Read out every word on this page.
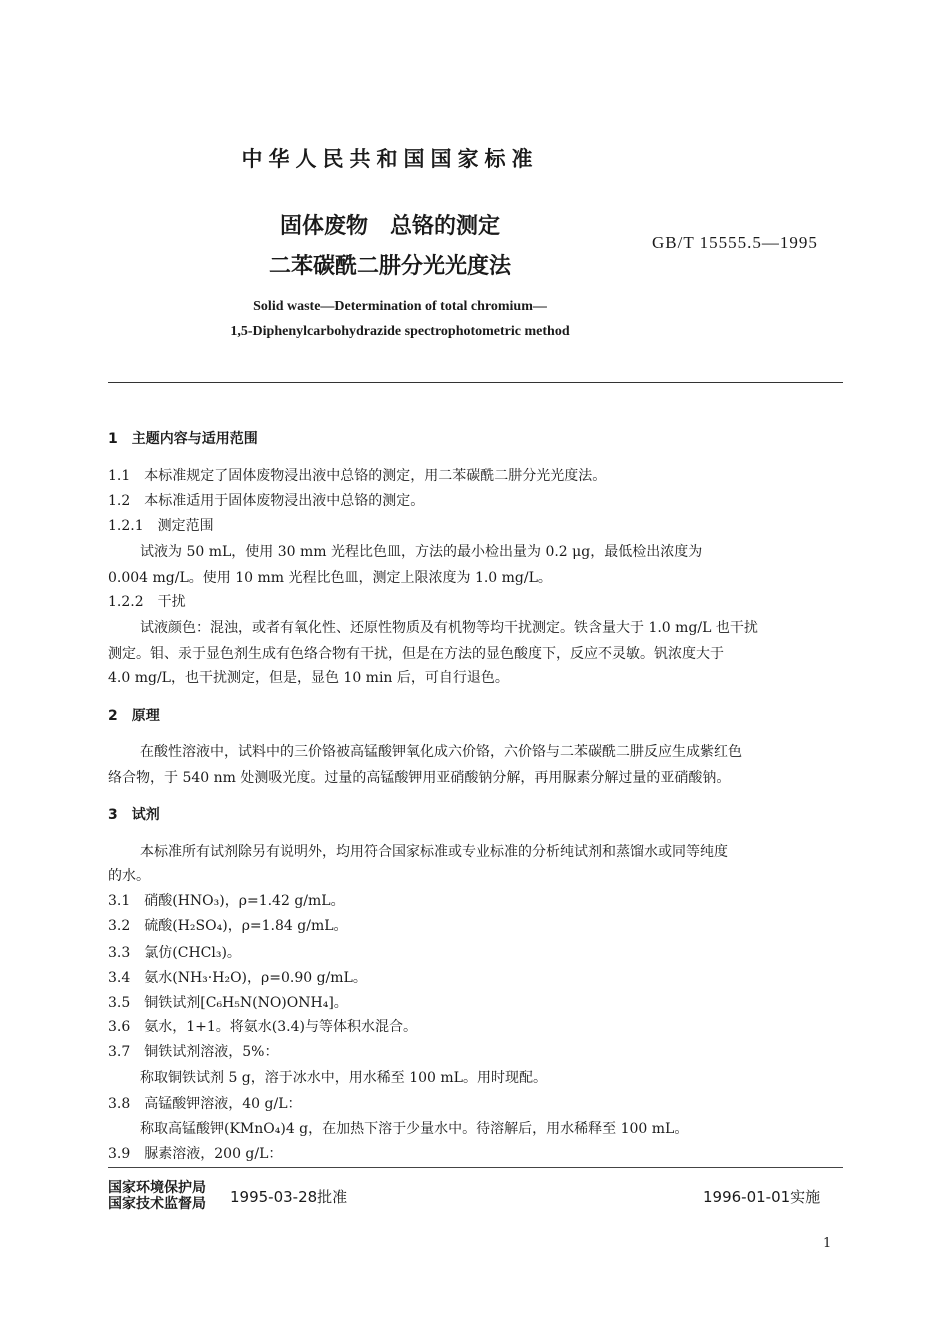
中华人民共和国国家标准
固体废物　总铬的测定
二苯碳酰二肼分光光度法
GB/T 15555.5—1995
Solid waste—Determination of total chromium—
1,5-Diphenylcarbohydrazide spectrophotometric method
1　主题内容与适用范围
1.1　本标准规定了固体废物浸出液中总铬的测定，用二苯碳酰二肼分光光度法。
1.2　本标准适用于固体废物浸出液中总铬的测定。
1.2.1　测定范围
试液为 50 mL，使用 30 mm 光程比色皿，方法的最小检出量为 0.2 μg，最低检出浓度为
0.004 mg/L。使用 10 mm 光程比色皿，测定上限浓度为 1.0 mg/L。
1.2.2　干扰
试液颜色：混浊，或者有氧化性、还原性物质及有机物等均干扰测定。铁含量大于 1.0 mg/L 也干扰
测定。钼、汞于显色剂生成有色络合物有干扰，但是在方法的显色酸度下，反应不灵敏。钒浓度大于
4.0 mg/L，也干扰测定，但是，显色 10 min 后，可自行退色。
2　原理
在酸性溶液中，试料中的三价铬被高锰酸钾氧化成六价铬，六价铬与二苯碳酰二肼反应生成紫红色
络合物，于 540 nm 处测吸光度。过量的高锰酸钾用亚硝酸钠分解，再用脲素分解过量的亚硝酸钠。
3　试剂
本标准所有试剂除另有说明外，均用符合国家标准或专业标准的分析纯试剂和蒸馏水或同等纯度
的水。
3.1　硝酸(HNO₃)，ρ=1.42 g/mL。
3.2　硫酸(H₂SO₄)，ρ=1.84 g/mL。
3.3　氯仿(CHCl₃)。
3.4　氨水(NH₃·H₂O)，ρ=0.90 g/mL。
3.5　铜铁试剂[C₆H₅N(NO)ONH₄]。
3.6　氨水，1+1。将氨水(3.4)与等体积水混合。
3.7　铜铁试剂溶液，5%：
称取铜铁试剂 5 g，溶于冰水中，用水稀至 100 mL。用时现配。
3.8　高锰酸钾溶液，40 g/L：
称取高锰酸钾(KMnO₄)4 g，在加热下溶于少量水中。待溶解后，用水稀释至 100 mL。
3.9　脲素溶液，200 g/L：
国家环境保护局
国家技术监督局 1995-03-28批准	1996-01-01实施
1
